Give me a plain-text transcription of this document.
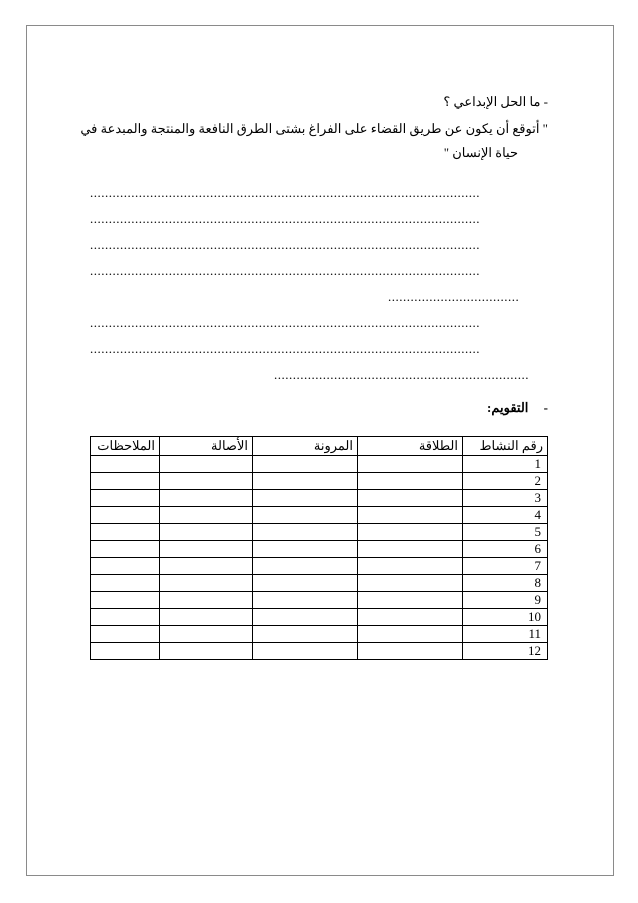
- ما الحل الإبداعي ؟

" أتوقع أن يكون عن طريق القضاء على الفراغ بشتى الطرق النافعة والمنتجة والمبدعة في
حياة الإنسان "
........................................................................................................
........................................................................................................
........................................................................................................
........................................................................................................
...................................
........................................................................................................
........................................................................................................
....................................................................
- التقويم:
رقم النشاط	الطلاقة	المرونة	الأصالة	الملاحظات
1				
2				
3				
4				
5				
6				
7				
8				
9				
10				
11				
12				
